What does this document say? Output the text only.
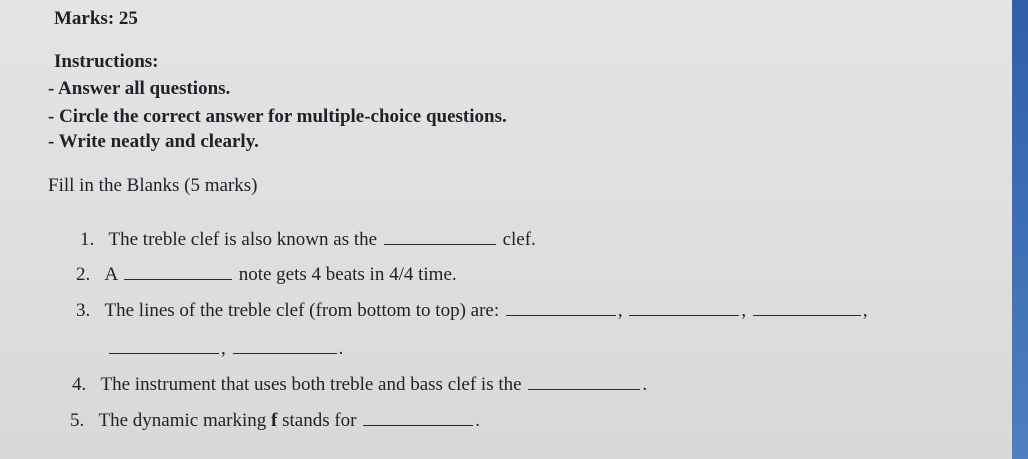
Marks: 25
Instructions:
- Answer all questions.
- Circle the correct answer for multiple-choice questions.
- Write neatly and clearly.
Fill in the Blanks (5 marks)
1. The treble clef is also known as the	clef.
2. A	note gets 4 beats in 4/4 time.
3. The lines of the treble clef (from bottom to top) are:	,	,	,
,	.
4. The instrument that uses both treble and bass clef is the	.
5. The dynamic marking f stands for	.
